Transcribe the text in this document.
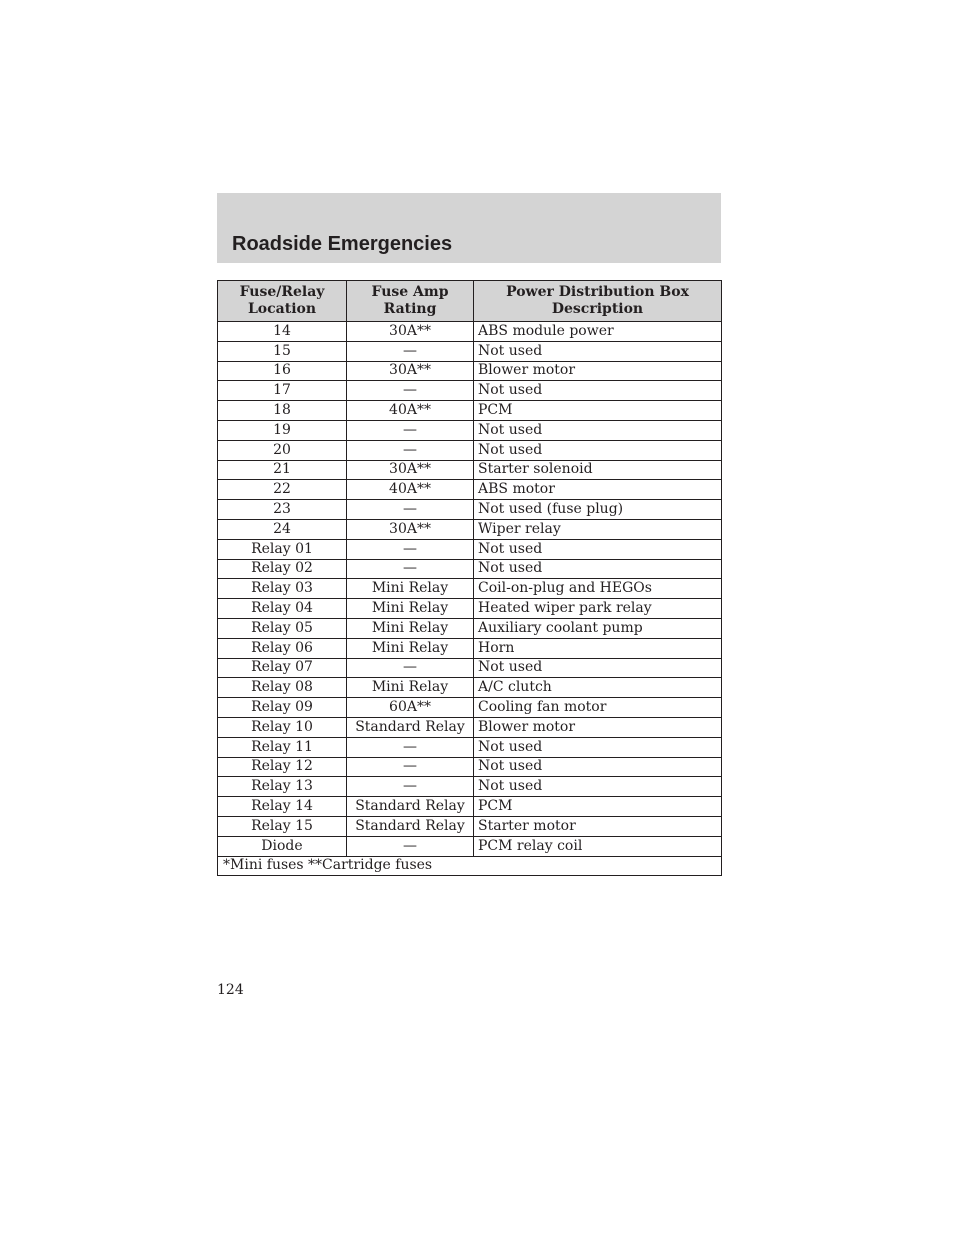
Roadside Emergencies
Fuse/Relay Location	Fuse Amp Rating	Power Distribution Box Description
14	30A**	ABS module power
15	—	Not used
16	30A**	Blower motor
17	—	Not used
18	40A**	PCM
19	—	Not used
20	—	Not used
21	30A**	Starter solenoid
22	40A**	ABS motor
23	—	Not used (fuse plug)
24	30A**	Wiper relay
Relay 01	—	Not used
Relay 02	—	Not used
Relay 03	Mini Relay	Coil-on-plug and HEGOs
Relay 04	Mini Relay	Heated wiper park relay
Relay 05	Mini Relay	Auxiliary coolant pump
Relay 06	Mini Relay	Horn
Relay 07	—	Not used
Relay 08	Mini Relay	A/C clutch
Relay 09	60A**	Cooling fan motor
Relay 10	Standard Relay	Blower motor
Relay 11	—	Not used
Relay 12	—	Not used
Relay 13	—	Not used
Relay 14	Standard Relay	PCM
Relay 15	Standard Relay	Starter motor
Diode	—	PCM relay coil
*Mini fuses **Cartridge fuses		
124
